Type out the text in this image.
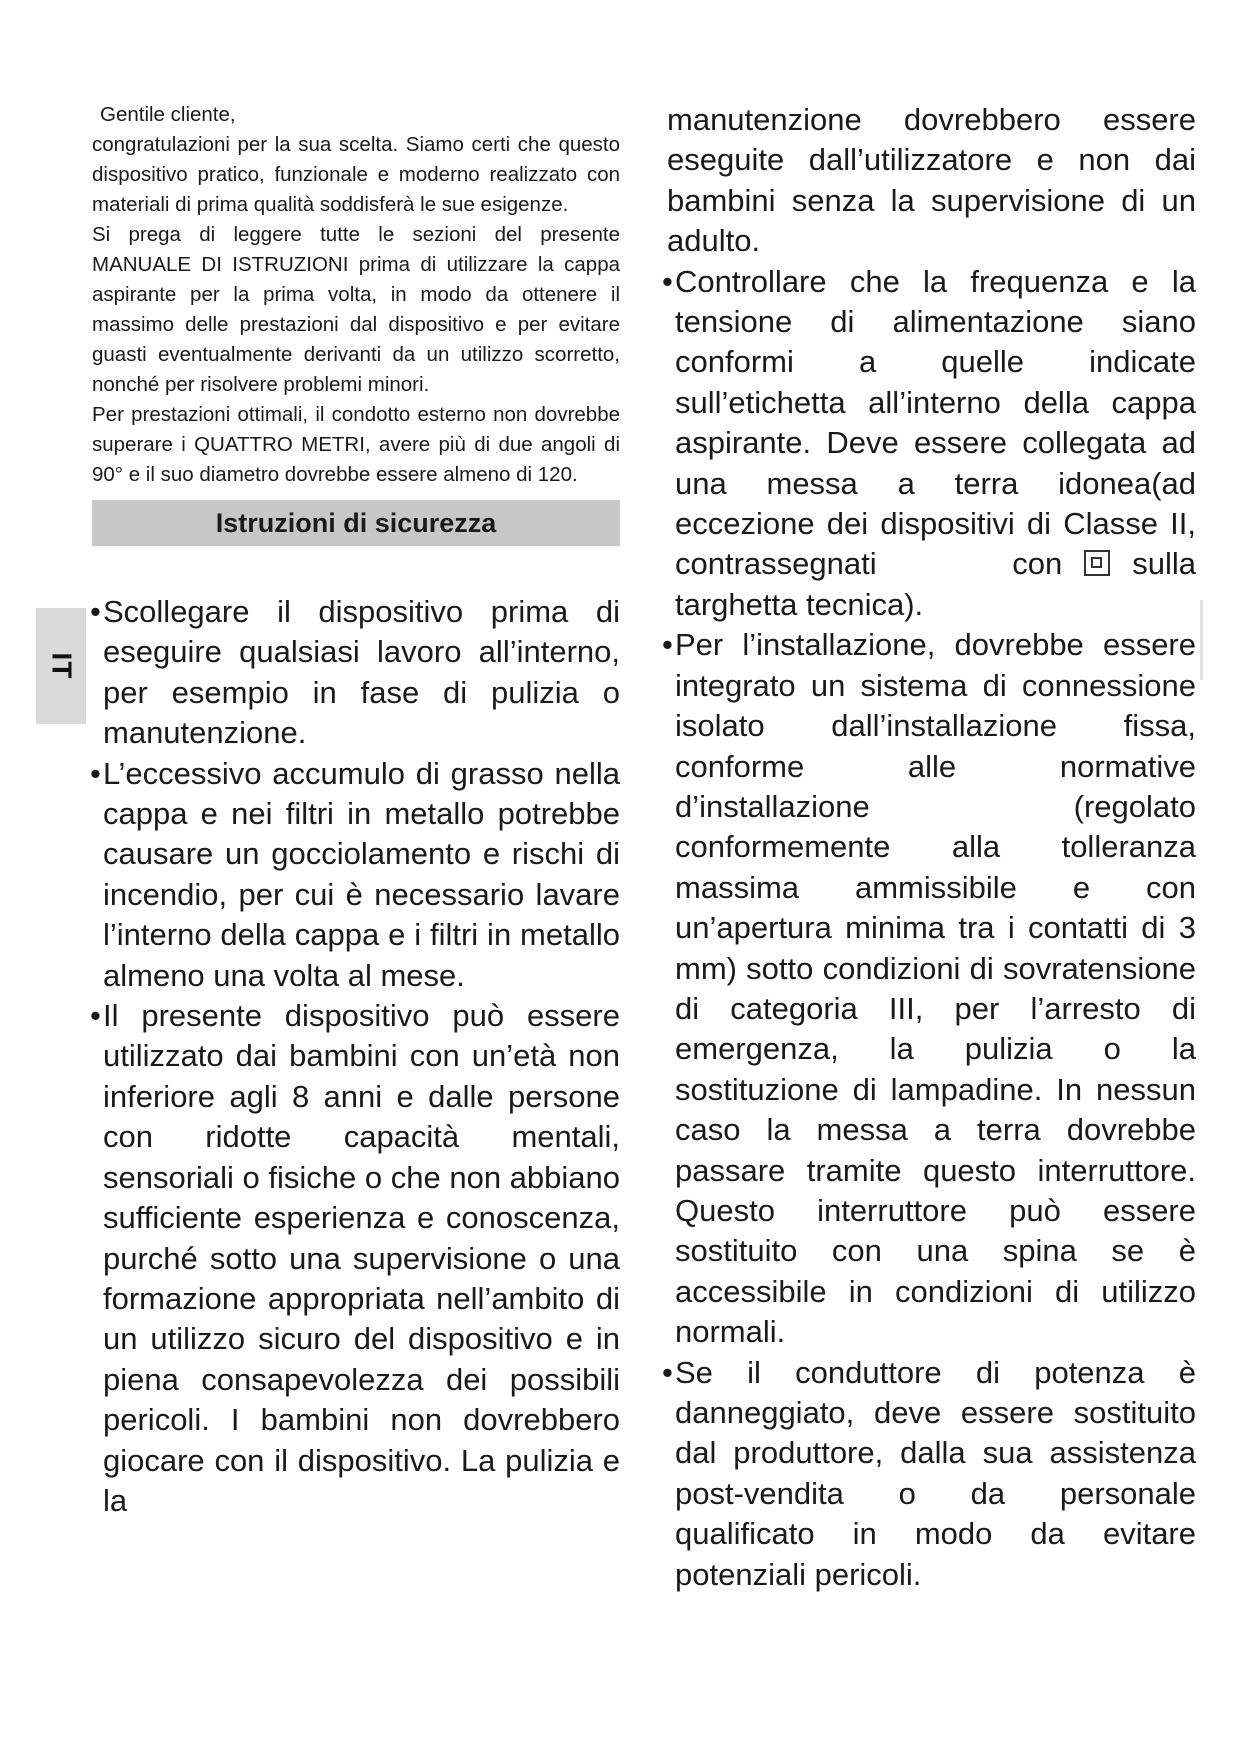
IT

Gentile cliente,

congratulazioni per la sua scelta. Siamo certi che questo dispositivo pratico, funzionale e moderno realizzato con materiali di prima qualità soddisferà le sue esigenze.

Si prega di leggere tutte le sezioni del presente MANUALE DI ISTRUZIONI prima di utilizzare la cappa aspirante per la prima volta, in modo da ottenere il massimo delle prestazioni dal dispositivo e per evitare guasti eventualmente derivanti da un utilizzo scorretto, nonché per risolvere problemi minori.

Per prestazioni ottimali, il condotto esterno non dovrebbe superare i QUATTRO METRI, avere più di due angoli di 90° e il suo diametro dovrebbe essere almeno di 120.

Istruzioni di sicurezza

• Scollegare il dispositivo prima di eseguire qualsiasi lavoro all’interno, per esempio in fase di pulizia o manutenzione.

• L’eccessivo accumulo di grasso nella cappa e nei filtri in metallo potrebbe causare un gocciolamento e rischi di incendio, per cui è necessario lavare l’interno della cappa e i filtri in metallo almeno una volta al mese.

• Il presente dispositivo può essere utilizzato dai bambini con un’età non inferiore agli 8 anni e dalle persone con ridotte capacità mentali, sensoriali o fisiche o che non abbiano sufficiente esperienza e conoscenza, purché sotto una supervisione o una formazione appropriata nell’ambito di un utilizzo sicuro del dispositivo e in piena consapevolezza dei possibili pericoli. I bambini non dovrebbero giocare con il dispositivo. La pulizia e la

manutenzione dovrebbero essere eseguite dall’utilizzatore e non dai bambini senza la supervisione di un adulto.

• Controllare che la frequenza e la tensione di alimentazione siano conformi a quelle indicate sull’etichetta all’interno della cappa aspirante. Deve essere collegata ad una messa a terra idonea(ad eccezione dei dispositivi di Classe II, contrassegnati con sulla targhetta tecnica).

• Per l’installazione, dovrebbe essere integrato un sistema di connessione isolato dall’installazione fissa, conforme alle normative d’installazione (regolato conformemente alla tolleranza massima ammissibile e con un’apertura minima tra i contatti di 3 mm) sotto condizioni di sovratensione di categoria III, per l’arresto di emergenza, la pulizia o la sostituzione di lampadine. In nessun caso la messa a terra dovrebbe passare tramite questo interruttore. Questo interruttore può essere sostituito con una spina se è accessibile in condizioni di utilizzo normali.

• Se il conduttore di potenza è danneggiato, deve essere sostituito dal produttore, dalla sua assistenza post-vendita o da personale qualificato in modo da evitare potenziali pericoli.
